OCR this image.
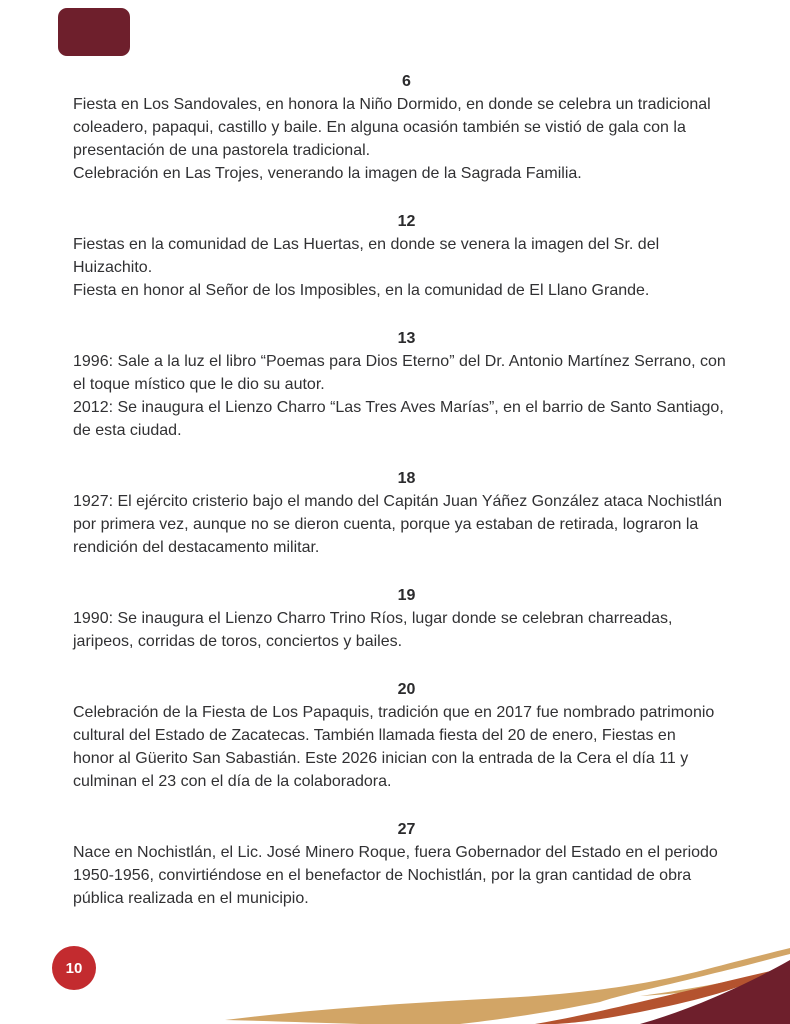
6
Fiesta en Los Sandovales, en honora la Niño Dormido, en donde se celebra un tradicional
coleadero, papaqui, castillo y baile. En alguna ocasión también se vistió de gala con la
presentación de una pastorela tradicional.
Celebración en Las Trojes, venerando la imagen de la Sagrada Familia.
12
Fiestas en la comunidad de Las Huertas, en donde se venera la imagen del Sr. del
Huizachito.
Fiesta en honor al Señor de los Imposibles, en la comunidad de El Llano Grande.
13
1996: Sale a la luz el libro “Poemas para Dios Eterno” del Dr. Antonio Martínez Serrano, con
el toque místico que le dio su autor.
2012: Se inaugura el Lienzo Charro “Las Tres Aves Marías”, en el barrio de Santo Santiago,
de esta ciudad.
18
1927: El ejército cristerio bajo el mando del Capitán Juan Yáñez González ataca Nochistlán
por primera vez, aunque no se dieron cuenta, porque ya estaban de retirada, lograron la
rendición del destacamento militar.
19
1990: Se inaugura el Lienzo Charro Trino Ríos, lugar donde se celebran charreadas,
jaripeos, corridas de toros, conciertos y bailes.
20
Celebración de la Fiesta de Los Papaquis, tradición que en 2017 fue nombrado patrimonio
cultural del Estado de Zacatecas. También llamada fiesta del 20 de enero, Fiestas en
honor al Güerito San Sabastián. Este 2026 inician con la entrada de la Cera el día 11 y
culminan el 23 con el día de la colaboradora.
27
Nace en Nochistlán, el Lic. José Minero Roque, fuera Gobernador del Estado en el periodo
1950-1956, convirtiéndose en el benefactor de Nochistlán, por la gran cantidad de obra
pública realizada en el municipio.
10
